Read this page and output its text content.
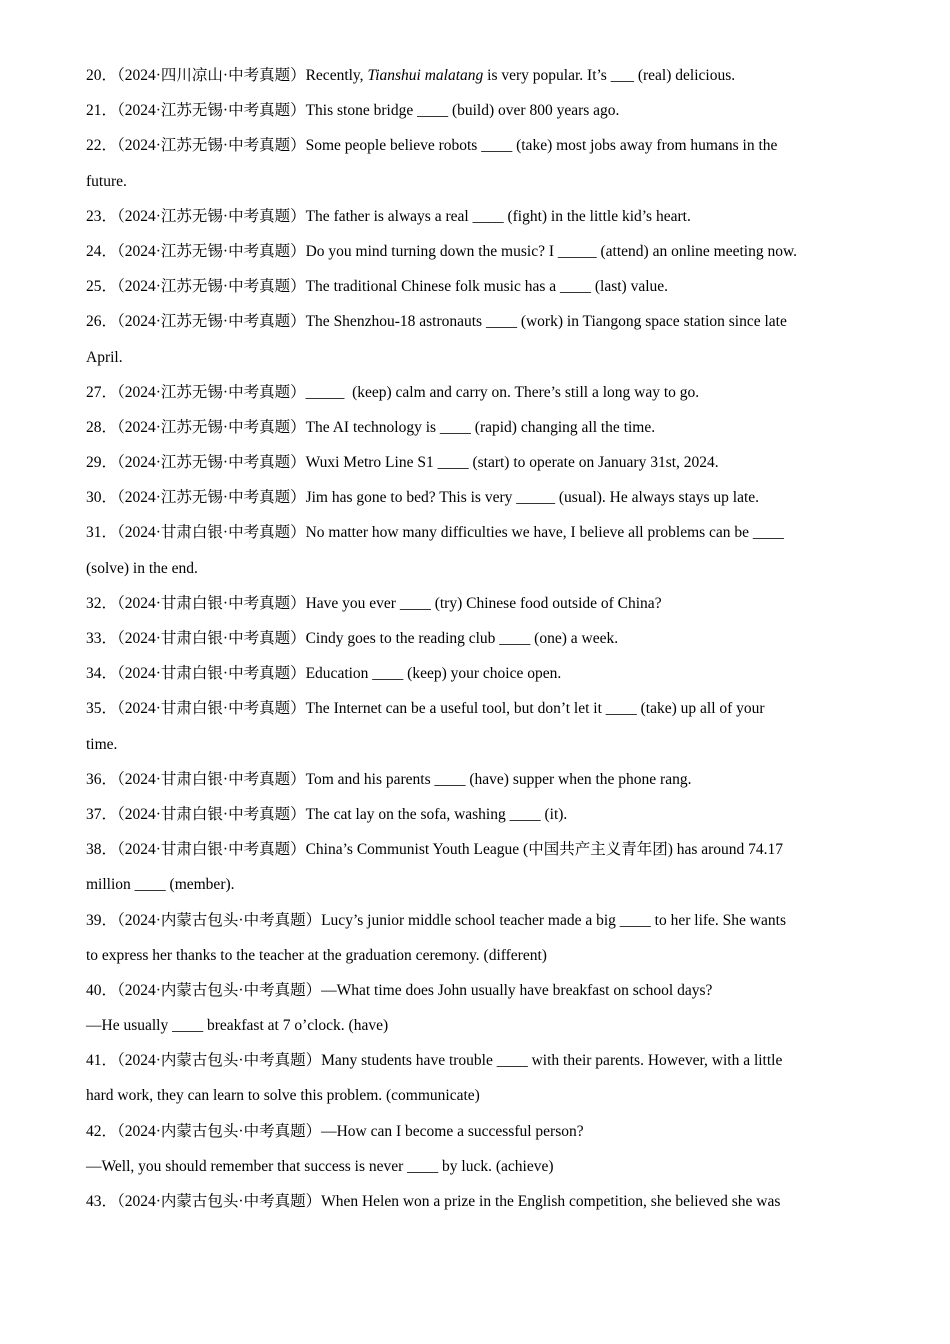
20．（2024·四川凉山·中考真题）Recently, Tianshui malatang is very popular. It’s ___ (real) delicious.
21．（2024·江苏无锡·中考真题）This stone bridge ____ (build) over 800 years ago.
22．（2024·江苏无锡·中考真题）Some people believe robots ____ (take) most jobs away from humans in the
future.
23．（2024·江苏无锡·中考真题）The father is always a real ____ (fight) in the little kid’s heart.
24．（2024·江苏无锡·中考真题）Do you mind turning down the music? I _____ (attend) an online meeting now.
25．（2024·江苏无锡·中考真题）The traditional Chinese folk music has a ____ (last) value.
26．（2024·江苏无锡·中考真题）The Shenzhou-18 astronauts ____ (work) in Tiangong space station since late
April.
27．（2024·江苏无锡·中考真题）_____  (keep) calm and carry on. There’s still a long way to go.
28．（2024·江苏无锡·中考真题）The AI technology is ____ (rapid) changing all the time.
29．（2024·江苏无锡·中考真题）Wuxi Metro Line S1 ____ (start) to operate on January 31st, 2024.
30．（2024·江苏无锡·中考真题）Jim has gone to bed? This is very _____ (usual). He always stays up late.
31．（2024·甘肃白银·中考真题）No matter how many difficulties we have, I believe all problems can be ____
(solve) in the end.
32．（2024·甘肃白银·中考真题）Have you ever ____ (try) Chinese food outside of China?
33．（2024·甘肃白银·中考真题）Cindy goes to the reading club ____ (one) a week.
34．（2024·甘肃白银·中考真题）Education ____ (keep) your choice open.
35．（2024·甘肃白银·中考真题）The Internet can be a useful tool, but don’t let it ____ (take) up all of your
time.
36．（2024·甘肃白银·中考真题）Tom and his parents ____ (have) supper when the phone rang.
37．（2024·甘肃白银·中考真题）The cat lay on the sofa, washing ____ (it).
38．（2024·甘肃白银·中考真题）China’s Communist Youth League (中国共产主义青年团) has around 74.17
million ____ (member).
39．（2024·内蒙古包头·中考真题）Lucy’s junior middle school teacher made a big ____ to her life. She wants
to express her thanks to the teacher at the graduation ceremony. (different)
40．（2024·内蒙古包头·中考真题）—What time does John usually have breakfast on school days?
—He usually ____ breakfast at 7 o’clock. (have)
41．（2024·内蒙古包头·中考真题）Many students have trouble ____ with their parents. However, with a little
hard work, they can learn to solve this problem. (communicate)
42．（2024·内蒙古包头·中考真题）—How can I become a successful person?
—Well, you should remember that success is never ____ by luck. (achieve)
43．（2024·内蒙古包头·中考真题）When Helen won a prize in the English competition, she believed she was
